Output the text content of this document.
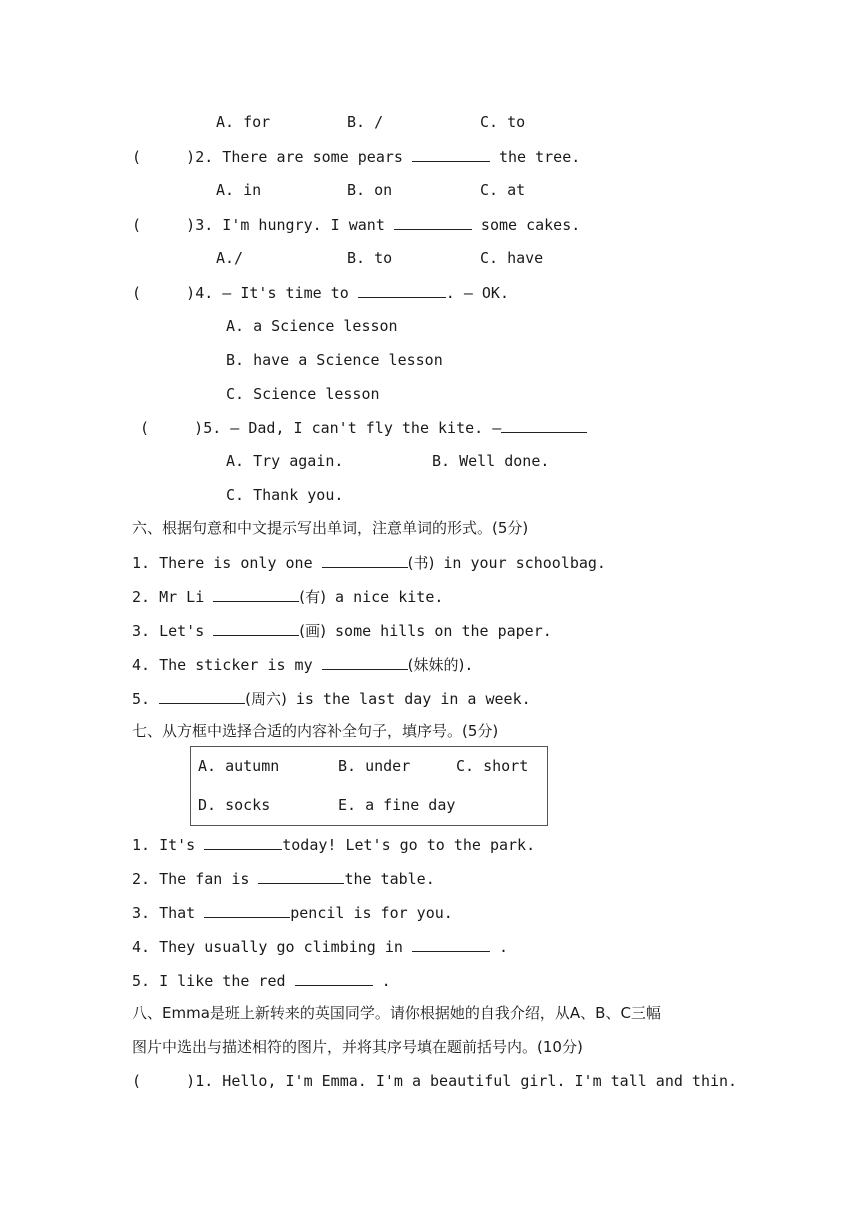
A. for	B. /	C. to
(     )2. There are some pears	the tree.
A. in	B. on	C. at
(     )3. I'm hungry. I want	some cakes.
A./	B. to	C. have
(     )4. — It's time to	. — OK.
A. a Science lesson
B. have a Science lesson
C. Science lesson
(     )5. — Dad, I can't fly the kite. —
A. Try again.	B. Well done.
C. Thank you.
六、根据句意和中文提示写出单词，注意单词的形式。(5分)
1. There is only one	(书) in your schoolbag.
2. Mr Li	(有) a nice kite.
3. Let's	(画) some hills on the paper.
4. The sticker is my	(妹妹的).
5.	(周六) is the last day in a week.
七、从方框中选择合适的内容补全句子，填序号。(5分)
A. autumn	B. under	C. short
D. socks	E. a fine day
1. It's	today! Let's go to the park.
2. The fan is	the table.
3. That	pencil is for you.
4. They usually go climbing in	.
5. I like the red	.
八、Emma是班上新转来的英国同学。请你根据她的自我介绍，从A、B、C三幅
图片中选出与描述相符的图片，并将其序号填在题前括号内。(10分)
(     )1. Hello, I'm Emma. I'm a beautiful girl. I'm tall and thin.
